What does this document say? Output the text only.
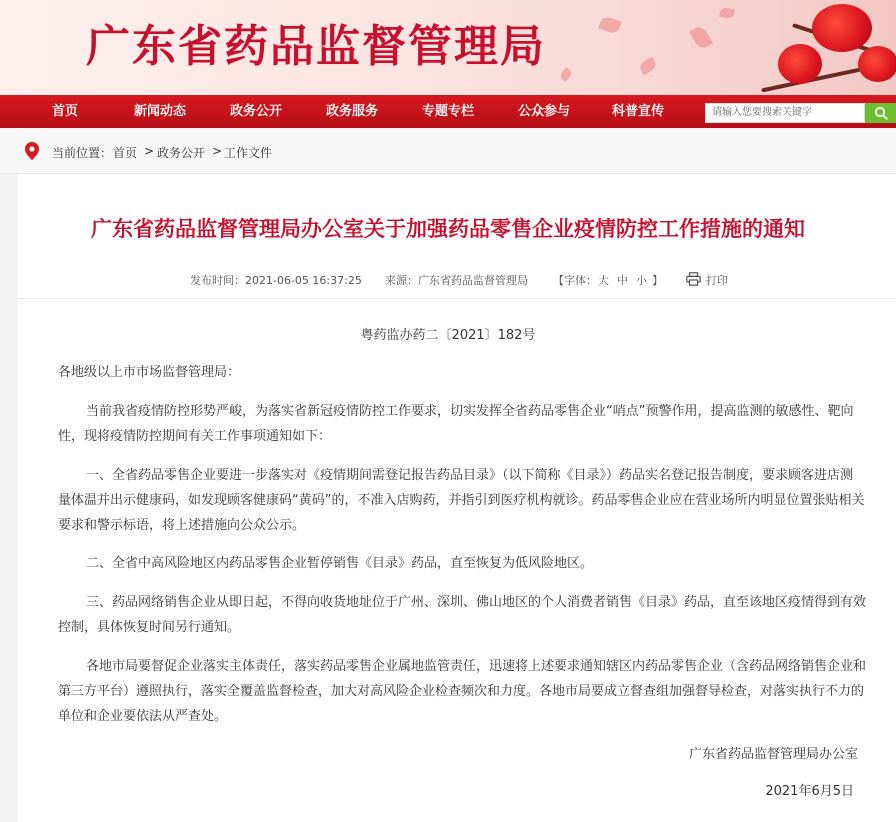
广东省药品监督管理局
首页	新闻动态	政务公开	政务服务	专题专栏	公众参与	科普宣传	请输入您要搜索关键字
当前位置： 首页 > 政务公开 > 工作文件
广东省药品监督管理局办公室关于加强药品零售企业疫情防控工作措施的通知
发布时间：2021-06-05 16:37:25 来源：广东省药品监督管理局 【字体： 大 中 小 】	打印
粤药监办药二〔2021〕182号
各地级以上市市场监督管理局：
当前我省疫情防控形势严峻，为落实省新冠疫情防控工作要求，切实发挥全省药品零售企业“哨点”预警作用，提高监测的敏感性、靶向
性，现将疫情防控期间有关工作事项通知如下：
一、全省药品零售企业要进一步落实对《疫情期间需登记报告药品目录》（以下简称《目录》）药品实名登记报告制度，要求顾客进店测
量体温并出示健康码，如发现顾客健康码“黄码”的，不准入店购药，并指引到医疗机构就诊。药品零售企业应在营业场所内明显位置张贴相关
要求和警示标语，将上述措施向公众公示。
二、全省中高风险地区内药品零售企业暂停销售《目录》药品，直至恢复为低风险地区。
三、药品网络销售企业从即日起，不得向收货地址位于广州、深圳、佛山地区的个人消费者销售《目录》药品，直至该地区疫情得到有效
控制，具体恢复时间另行通知。
各地市局要督促企业落实主体责任，落实药品零售企业属地监管责任，迅速将上述要求通知辖区内药品零售企业（含药品网络销售企业和
第三方平台）遵照执行，落实全覆盖监督检查，加大对高风险企业检查频次和力度。各地市局要成立督查组加强督导检查，对落实执行不力的
单位和企业要依法从严查处。
广东省药品监督管理局办公室
2021年6月5日
